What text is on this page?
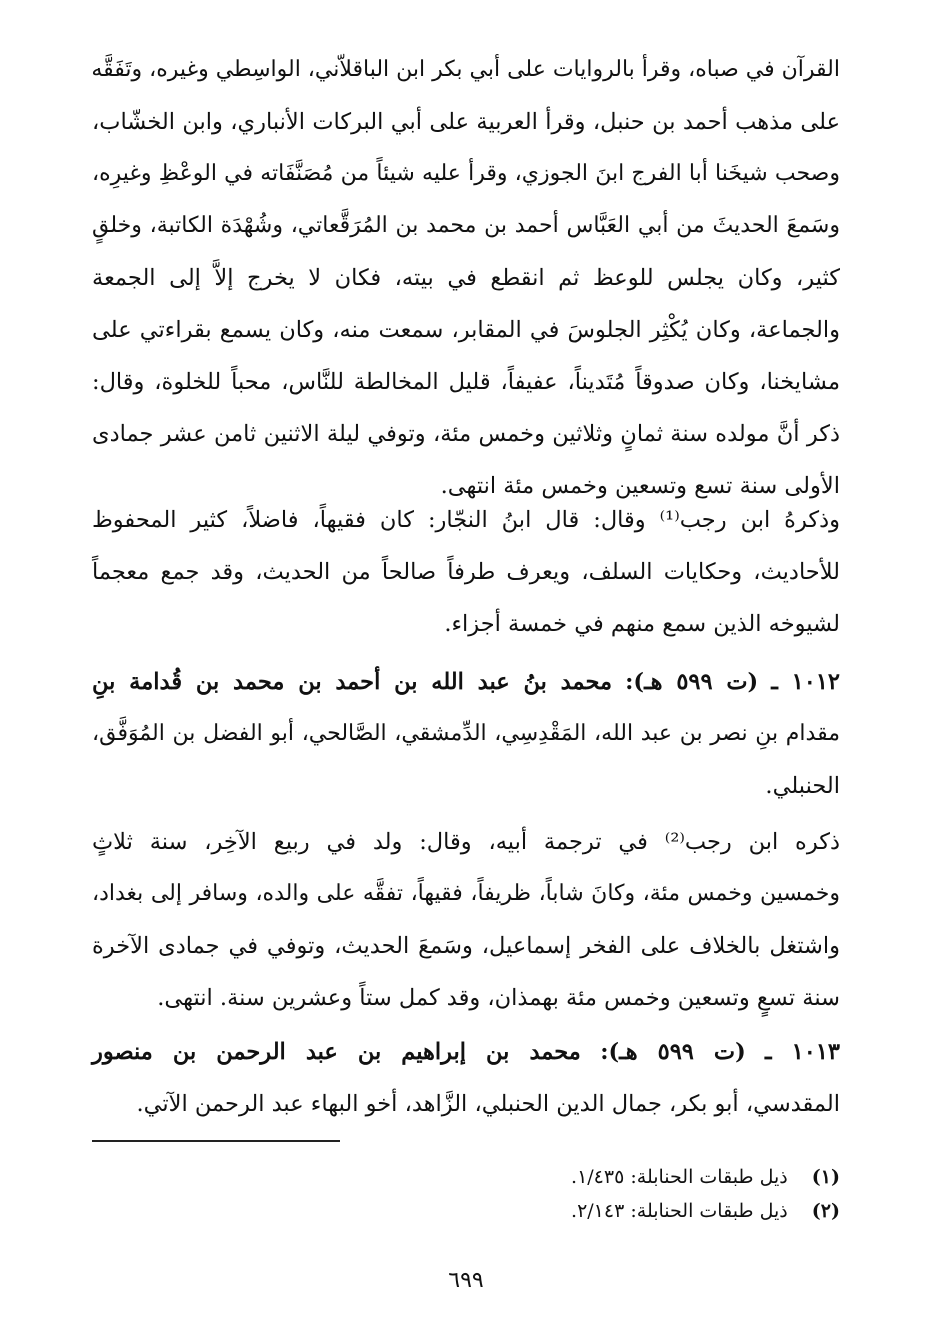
القرآن في صباه، وقرأ بالروايات على أبي بكر ابن الباقلاّني، الواسِطي وغيره، وتَفَقَّه
على مذهب أحمد بن حنبل، وقرأ العربية على أبي البركات الأنباري، وابن الخشّاب،
وصحب شيخَنا أبا الفرج ابنَ الجوزي، وقرأ عليه شيئاً من مُصَنَّفَاته في الوعْظِ وغيرِه،
وسَمعَ الحديثَ من أبي العَبَّاس أحمد بن محمد بن المُرَقَّعاتي، وشُهْدَة الكاتبة، وخلقٍ
كثير، وكان يجلس للوعظ ثم انقطع في بيته، فكان لا يخرج إلاَّ إلى الجمعة
والجماعة، وكان يُكْثِر الجلوسَ في المقابر، سمعت منه، وكان يسمع بقراءتي على
مشايخنا، وكان صدوقاً مُتَديناً، عفيفاً، قليل المخالطة للنَّاس، محباً للخلوة، وقال:
ذكر أنَّ مولده سنة ثمانٍ وثلاثين وخمس مئة، وتوفي ليلة الاثنين ثامن عشر جمادى
الأولى سنة تسع وتسعين وخمس مئة انتهى.
وذكرهُ ابن رجب⁽¹⁾ وقال: قال ابنُ النجّار: كان فقيهاً، فاضلاً، كثير المحفوظ
للأحاديث، وحكايات السلف، ويعرف طرفاً صالحاً من الحديث، وقد جمع معجماً
لشيوخه الذين سمع منهم في خمسة أجزاء.
١٠١٢ ـ (ت ٥٩٩ هـ): محمد بنُ عبد الله بن أحمد بن محمد بن قُدامة بنِ
مقدام بنِ نصر بن عبد الله، المَقْدِسِي، الدِّمشقي، الصَّالحي، أبو الفضل بن المُوَفَّق،
الحنبلي.
ذكره ابن رجب⁽²⁾ في ترجمة أبيه، وقال: ولد في ربيع الآخِر، سنة ثلاثٍ
وخمسين وخمس مئة، وكانَ شاباً، ظريفاً، فقيهاً، تفقَّه على والده، وسافر إلى بغداد،
واشتغل بالخلاف على الفخر إسماعيل، وسَمعَ الحديث، وتوفي في جمادى الآخرة
سنة تسعٍ وتسعين وخمس مئة بهمذان، وقد كمل ستاً وعشرين سنة. انتهى.
١٠١٣ ـ (ت ٥٩٩ هـ): محمد بن إبراهيم بن عبد الرحمن بن منصور
المقدسي، أبو بكر، جمال الدين الحنبلي، الزَّاهد، أخو البهاء عبد الرحمن الآتي.
(١) ذيل طبقات الحنابلة: ١/٤٣٥.
(٢) ذيل طبقات الحنابلة: ٢/١٤٣.
٦٩٩
